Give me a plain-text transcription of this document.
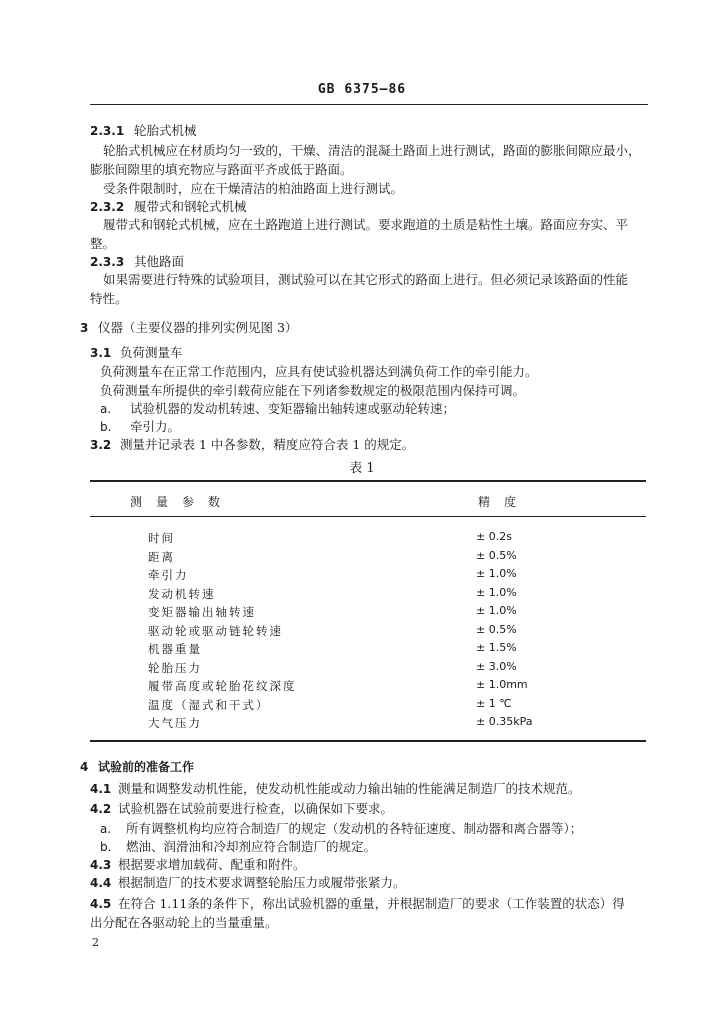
GB 6375—86
2.3.1 轮胎式机械
轮胎式机械应在材质均匀一致的，干燥、清洁的混凝土路面上进行测试，路面的膨胀间隙应最小，
膨胀间隙里的填充物应与路面平齐或低于路面。
受条件限制时，应在干燥清洁的柏油路面上进行测试。
2.3.2 履带式和钢轮式机械
履带式和钢轮式机械，应在土路跑道上进行测试。要求跑道的土质是粘性土壤。路面应夯实、平
整。
2.3.3 其他路面
如果需要进行特殊的试验项目，测试验可以在其它形式的路面上进行。但必须记录该路面的性能
特性。
3 仪器（主要仪器的排列实例见图 3）
3.1 负荷测量车
负荷测量车在正常工作范围内，应具有使试验机器达到满负荷工作的牵引能力。
负荷测量车所提供的牵引载荷应能在下列诸参数规定的极限范围内保持可调。
a. 试验机器的发动机转速、变矩器输出轴转速或驱动轮转速；
b. 牵引力。
3.2 测量并记录表 1 中各参数，精度应符合表 1 的规定。
表 1
测量参数	精度
时间	± 0.2s
距离	± 0.5%
牵引力	± 1.0%
发动机转速	± 1.0%
变矩器输出轴转速	± 1.0%
驱动轮或驱动链轮转速	± 0.5%
机器重量	± 1.5%
轮胎压力	± 3.0%
履带高度或轮胎花纹深度	± 1.0mm
温度（湿式和干式）	± 1 ℃
大气压力	± 0.35kPa
4 试验前的准备工作
4.1 测量和调整发动机性能，使发动机性能或动力输出轴的性能满足制造厂的技术规范。
4.2 试验机器在试验前要进行检查，以确保如下要求。
a. 所有调整机构均应符合制造厂的规定（发动机的各特征速度、制动器和离合器等）；
b. 燃油、润滑油和冷却剂应符合制造厂的规定。
4.3 根据要求增加载荷、配重和附件。
4.4 根据制造厂的技术要求调整轮胎压力或履带张紧力。
4.5 在符合 1.11条的条件下，称出试验机器的重量，并根据制造厂的要求（工作装置的状态）得
出分配在各驱动轮上的当量重量。
2
